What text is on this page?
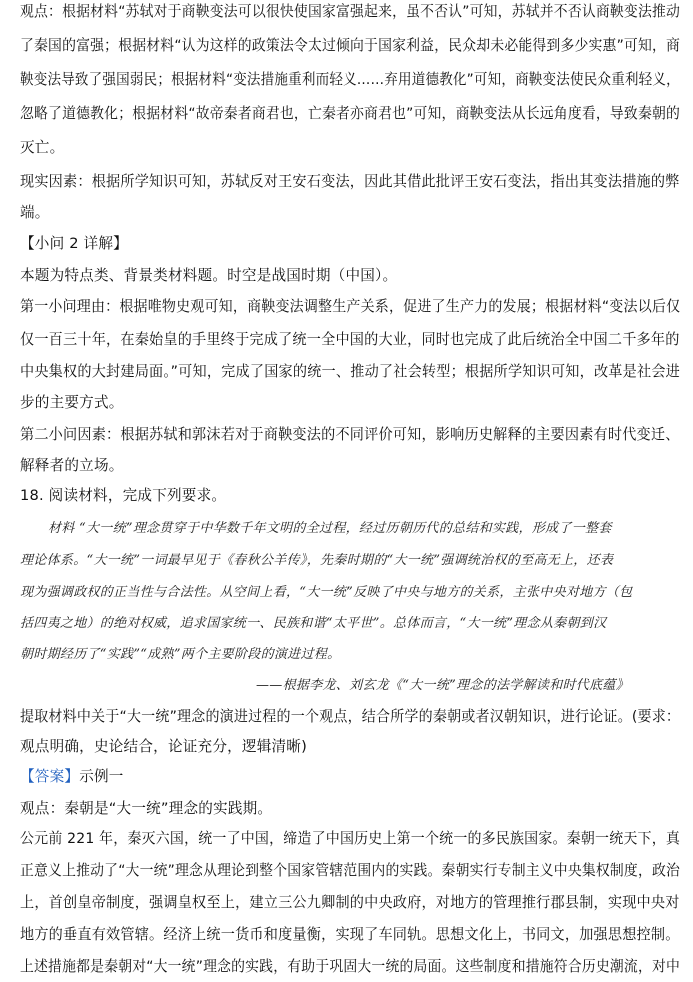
观点：根据材料“苏轼对于商鞅变法可以很快使国家富强起来，虽不否认”可知，苏轼并不否认商鞅变法推动
了秦国的富强；根据材料“认为这样的政策法令太过倾向于国家利益，民众却未必能得到多少实惠”可知，商
鞅变法导致了强国弱民；根据材料“变法措施重利而轻义……弃用道德教化”可知，商鞅变法使民众重利轻义，
忽略了道德教化；根据材料“故帝秦者商君也，亡秦者亦商君也”可知，商鞅变法从长远角度看，导致秦朝的
灭亡。
现实因素：根据所学知识可知，苏轼反对王安石变法，因此其借此批评王安石变法，指出其变法措施的弊
端。
【小问 2 详解】
本题为特点类、背景类材料题。时空是战国时期（中国）。
第一小问理由：根据唯物史观可知，商鞅变法调整生产关系，促进了生产力的发展；根据材料“变法以后仅
仅一百三十年，在秦始皇的手里终于完成了统一全中国的大业，同时也完成了此后统治全中国二千多年的
中央集权的大封建局面。”可知，完成了国家的统一、推动了社会转型；根据所学知识可知，改革是社会进
步的主要方式。
第二小问因素：根据苏轼和郭沫若对于商鞅变法的不同评价可知，影响历史解释的主要因素有时代变迁、
解释者的立场。
18. 阅读材料，完成下列要求。
材料 “大一统”理念贯穿于中华数千年文明的全过程，经过历朝历代的总结和实践，形成了一整套
理论体系。“大一统”一词最早见于《春秋公羊传》，先秦时期的“大一统”强调统治权的至高无上，还表
现为强调政权的正当性与合法性。从空间上看，“大一统”反映了中央与地方的关系，主张中央对地方（包
括四夷之地）的绝对权威，追求国家统一、民族和谐“太平世”。总体而言，“大一统”理念从秦朝到汉
朝时期经历了“实践”“成熟”两个主要阶段的演进过程。
——根据李龙、刘玄龙《“大一统”理念的法学解读和时代底蕴》
提取材料中关于“大一统”理念的演进过程的一个观点，结合所学的秦朝或者汉朝知识，进行论证。(要求：
观点明确，史论结合，论证充分，逻辑清晰)
【答案】示例一
观点：秦朝是“大一统”理念的实践期。
公元前 221 年，秦灭六国，统一了中国，缔造了中国历史上第一个统一的多民族国家。秦朝一统天下，真
正意义上推动了“大一统”理念从理论到整个国家管辖范围内的实践。秦朝实行专制主义中央集权制度，政治
上，首创皇帝制度，强调皇权至上，建立三公九卿制的中央政府，对地方的管理推行郡县制，实现中央对
地方的垂直有效管辖。经济上统一货币和度量衡，实现了车同轨。思想文化上，书同文，加强思想控制。
上述措施都是秦朝对“大一统”理念的实践，有助于巩固大一统的局面。这些制度和措施符合历史潮流，对中
